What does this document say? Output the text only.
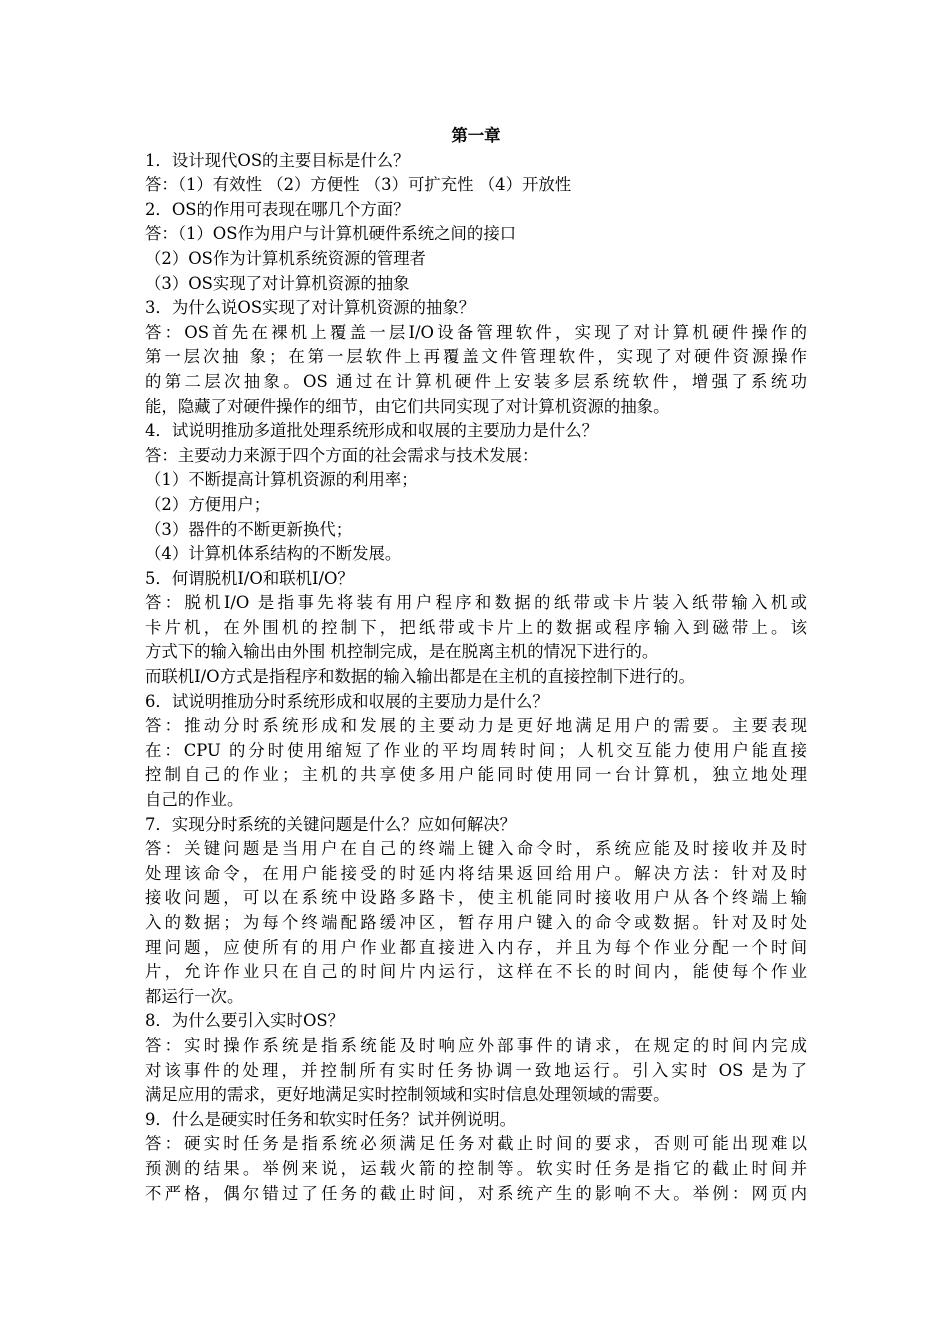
第一章

1．设计现代OS的主要目标是什么？

答：（1）有效性 （2）方便性 （3）可扩充性 （4）开放性

2．OS的作用可表现在哪几个方面？

答：（1）OS作为用户与计算机硬件系统之间的接口

（2）OS作为计算机系统资源的管理者

（3）OS实现了对计算机资源的抽象

3．为什么说OS实现了对计算机资源的抽象？

答：OS首先在裸机上覆盖一层I/O设备管理软件，实现了对计算机硬件操作的

第一层次抽 象；在第一层软件上再覆盖文件管理软件，实现了对硬件资源操作

的第二层次抽象。OS 通过在计算机硬件上安装多层系统软件，增强了系统功

能，隐藏了对硬件操作的细节，由它们共同实现了对计算机资源的抽象。

4．试说明推劢多道批处理系统形成和収展的主要劢力是什么？

答：主要动力来源于四个方面的社会需求与技术发展：

（1）不断提高计算机资源的利用率；

（2）方便用户；

（3）器件的不断更新换代；

（4）计算机体系结构的不断发展。

5．何谓脱机I/O和联机I/O？

答：脱机I/O 是指事先将装有用户程序和数据的纸带或卡片装入纸带输入机或

卡片机，在外围机的控制下，把纸带或卡片上的数据或程序输入到磁带上。该

方式下的输入输出由外围 机控制完成，是在脱离主机的情况下进行的。

而联机I/O方式是指程序和数据的输入输出都是在主机的直接控制下进行的。

6．试说明推劢分时系统形成和収展的主要劢力是什么？

答：推动分时系统形成和发展的主要动力是更好地满足用户的需要。主要表现

在：CPU 的分时使用缩短了作业的平均周转时间；人机交互能力使用户能直接

控制自己的作业；主机的共享使多用户能同时使用同一台计算机，独立地处理

自己的作业。

7．实现分时系统的关键问题是什么？应如何解决？

答：关键问题是当用户在自己的终端上键入命令时，系统应能及时接收并及时

处理该命令，在用户能接受的时延内将结果返回给用户。解决方法：针对及时

接收问题，可以在系统中设路多路卡，使主机能同时接收用户从各个终端上输

入的数据；为每个终端配路缓冲区，暂存用户键入的命令或数据。针对及时处

理问题，应使所有的用户作业都直接进入内存，并且为每个作业分配一个时间

片，允许作业只在自己的时间片内运行，这样在不长的时间内，能使每个作业

都运行一次。

8．为什么要引入实时OS？

答：实时操作系统是指系统能及时响应外部事件的请求，在规定的时间内完成

对该事件的处理，并控制所有实时任务协调一致地运行。引入实时 OS 是为了

满足应用的需求，更好地满足实时控制领域和实时信息处理领域的需要。

9．什么是硬实时任务和软实时任务？试并例说明。

答：硬实时任务是指系统必须满足任务对截止时间的要求，否则可能出现难以

预测的结果。举例来说，运载火箭的控制等。软实时任务是指它的截止时间并

不严格，偶尔错过了任务的截止时间，对系统产生的影响不大。举例：网页内
